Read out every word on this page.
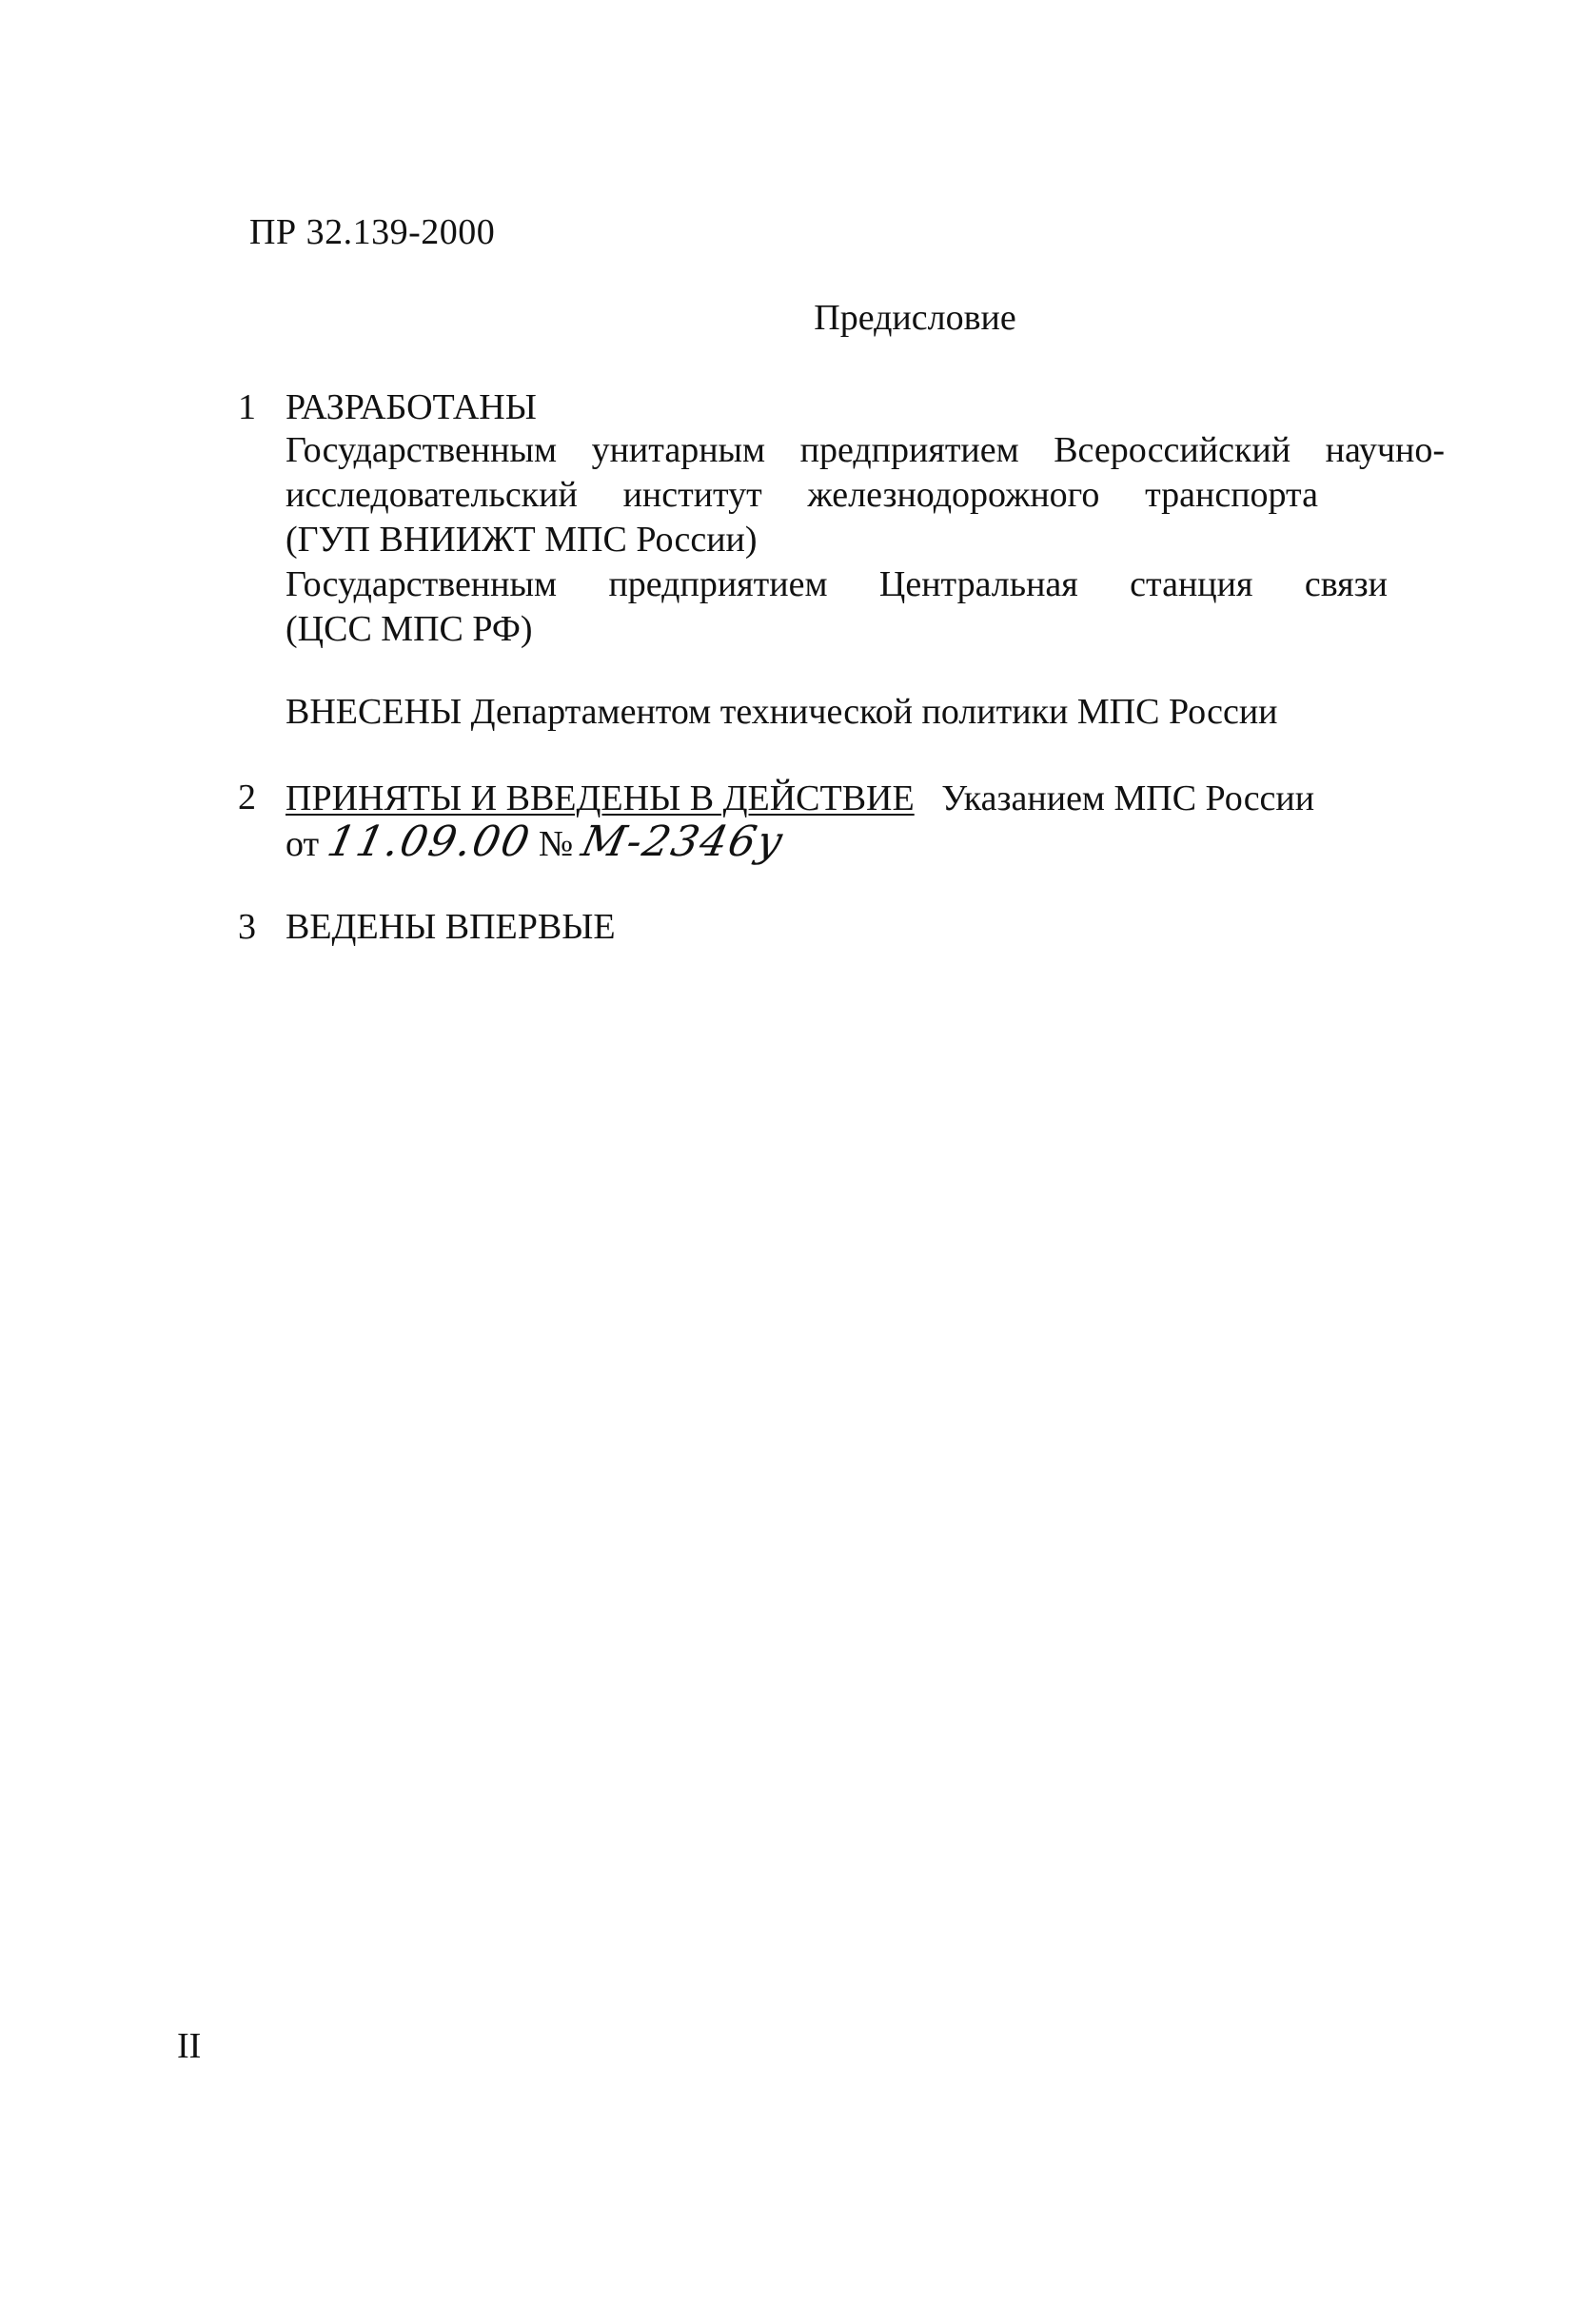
ПР 32.139-2000
Предисловие
1 РАЗРАБОТАНЫ
Государственным унитарным предприятием Всероссийский научно-
исследовательский институт железнодорожного транспорта
(ГУП ВНИИЖТ МПС России)
Государственным предприятием Центральная станция связи
(ЦСС МПС РФ)
ВНЕСЕНЫ Департаментом технической политики МПС России
2 ПРИНЯТЫ И ВВЕДЕНЫ В ДЕЙСТВИЕ Указанием МПС России
от 11.09.00 № М-2346у
3 ВЕДЕНЫ ВПЕРВЫЕ
II
